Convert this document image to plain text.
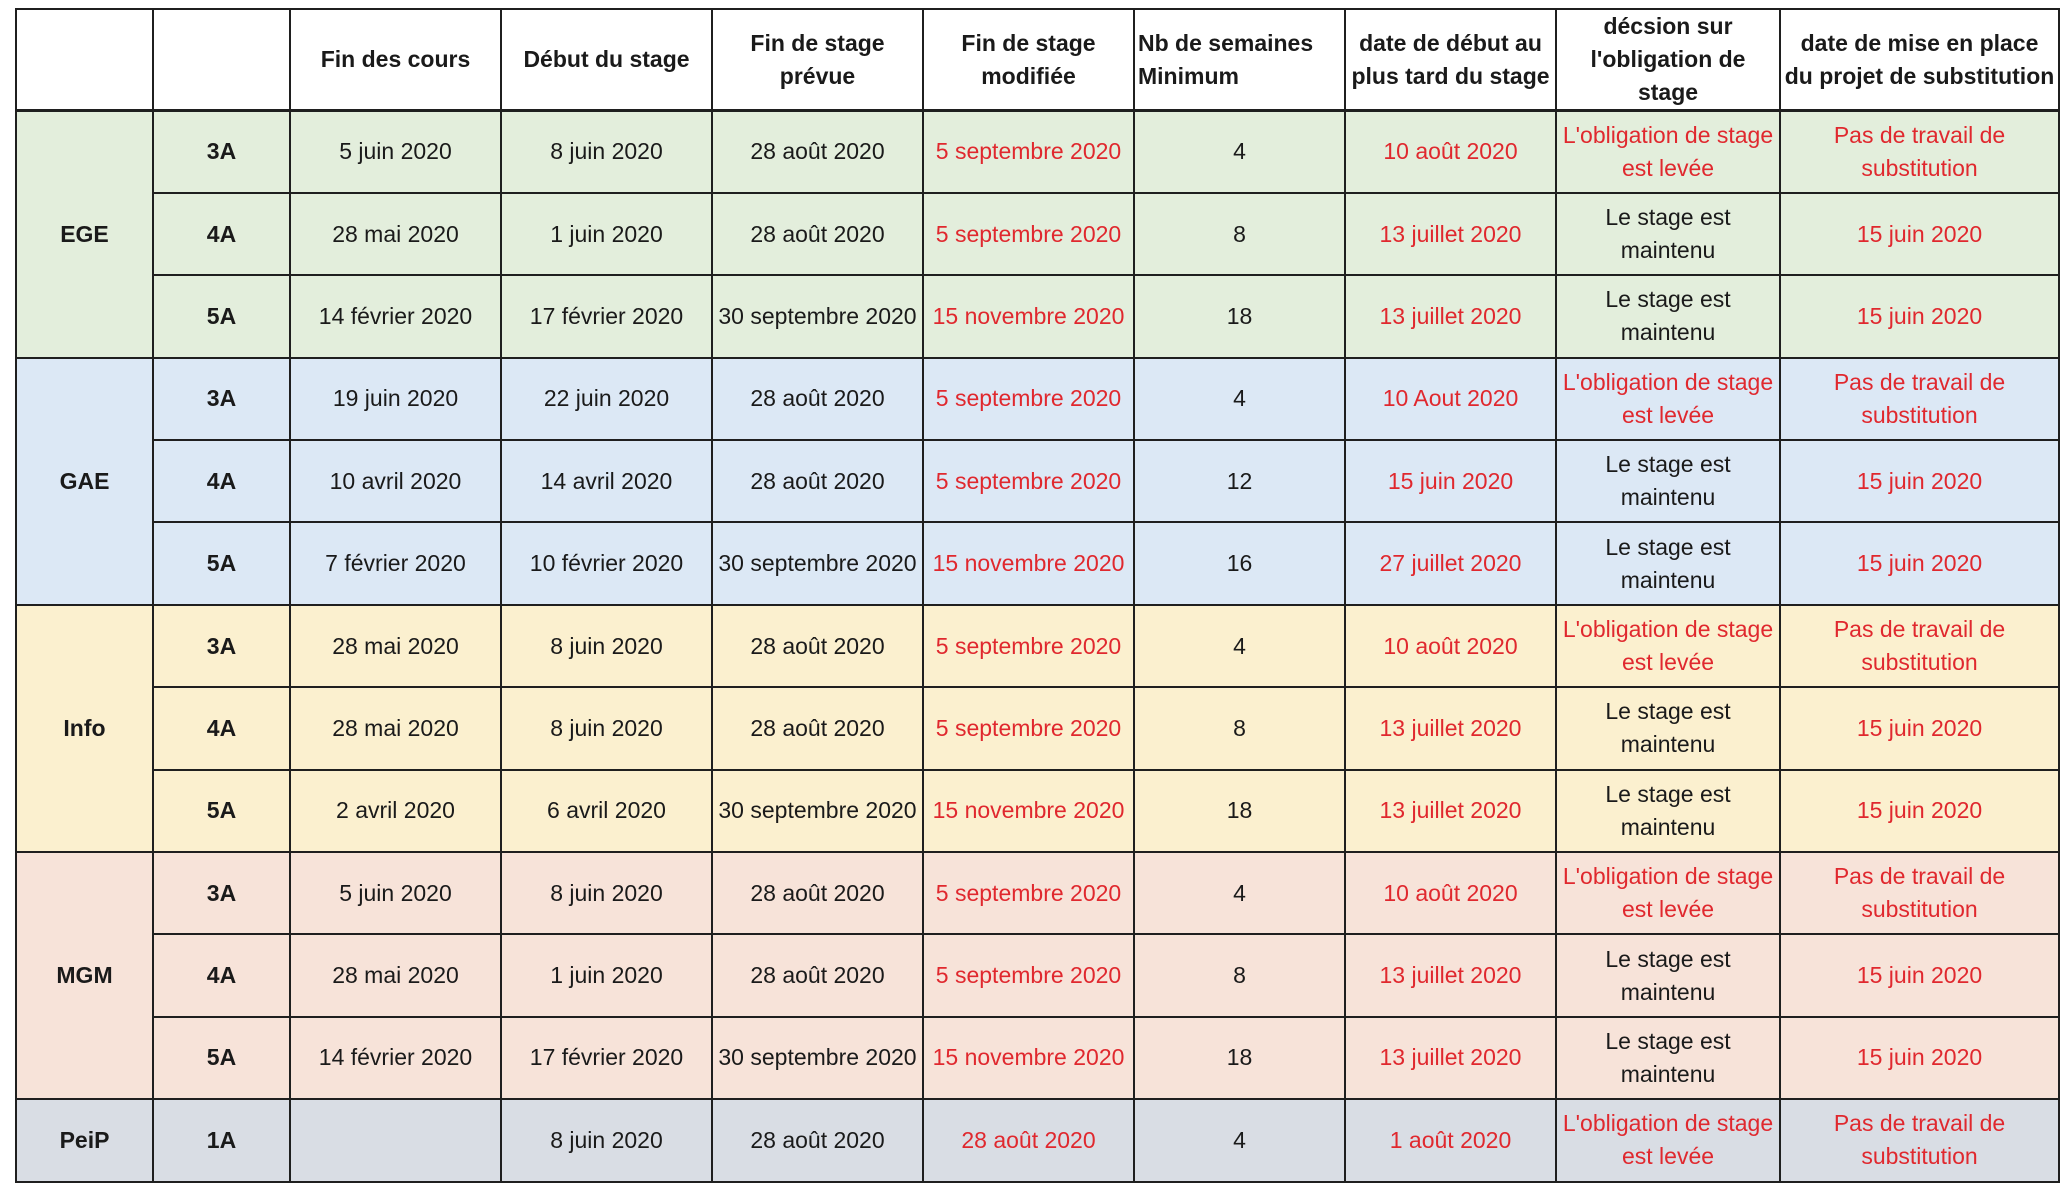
		Fin des cours	Début du stage	Fin de stage prévue	Fin de stage modifiée	Nb de semaines Minimum	date de début au plus tard du stage	décsion sur l'obligation de stage	date de mise en place du projet de substitution
EGE	3A	5 juin 2020	8 juin 2020	28 août 2020	5 septembre 2020	4	10 août 2020	L'obligation de stage est levée	Pas de travail de substitution
	4A	28 mai 2020	1 juin 2020	28 août 2020	5 septembre 2020	8	13 juillet 2020	Le stage est maintenu	15 juin 2020
	5A	14 février 2020	17 février 2020	30 septembre 2020	15 novembre 2020	18	13 juillet 2020	Le stage est maintenu	15 juin 2020
GAE	3A	19 juin 2020	22 juin 2020	28 août 2020	5 septembre 2020	4	10 Aout 2020	L'obligation de stage est levée	Pas de travail de substitution
	4A	10 avril 2020	14 avril 2020	28 août 2020	5 septembre 2020	12	15 juin 2020	Le stage est maintenu	15 juin 2020
	5A	7 février 2020	10 février 2020	30 septembre 2020	15 novembre 2020	16	27 juillet 2020	Le stage est maintenu	15 juin 2020
Info	3A	28 mai 2020	8 juin 2020	28 août 2020	5 septembre 2020	4	10 août 2020	L'obligation de stage est levée	Pas de travail de substitution
	4A	28 mai 2020	8 juin 2020	28 août 2020	5 septembre 2020	8	13 juillet 2020	Le stage est maintenu	15 juin 2020
	5A	2 avril 2020	6 avril 2020	30 septembre 2020	15 novembre 2020	18	13 juillet 2020	Le stage est maintenu	15 juin 2020
MGM	3A	5 juin 2020	8 juin 2020	28 août 2020	5 septembre 2020	4	10 août 2020	L'obligation de stage est levée	Pas de travail de substitution
	4A	28 mai 2020	1 juin 2020	28 août 2020	5 septembre 2020	8	13 juillet 2020	Le stage est maintenu	15 juin 2020
	5A	14 février 2020	17 février 2020	30 septembre 2020	15 novembre 2020	18	13 juillet 2020	Le stage est maintenu	15 juin 2020
PeiP	1A		8 juin 2020	28 août 2020	28 août 2020	4	1 août 2020	L'obligation de stage est levée	Pas de travail de substitution
